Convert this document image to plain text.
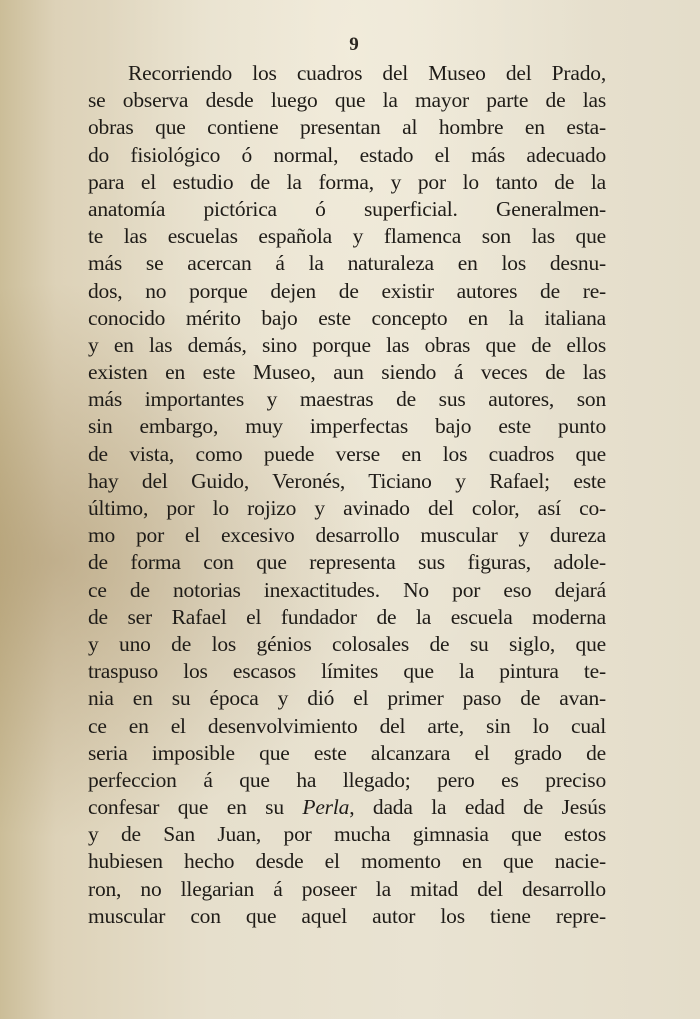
9
Recorriendo los cuadros del Museo del Prado,
se observa desde luego que la mayor parte de las
obras que contiene presentan al hombre en esta-
do fisiológico ó normal, estado el más adecuado
para el estudio de la forma, y por lo tanto de la
anatomía pictórica ó superficial. Generalmen-
te las escuelas española y flamenca son las que
más se acercan á la naturaleza en los desnu-
dos, no porque dejen de existir autores de re-
conocido mérito bajo este concepto en la italiana
y en las demás, sino porque las obras que de ellos
existen en este Museo, aun siendo á veces de las
más importantes y maestras de sus autores, son
sin embargo, muy imperfectas bajo este punto
de vista, como puede verse en los cuadros que
hay del Guido, Veronés, Ticiano y Rafael; este
último, por lo rojizo y avinado del color, así co-
mo por el excesivo desarrollo muscular y dureza
de forma con que representa sus figuras, adole-
ce de notorias inexactitudes. No por eso dejará
de ser Rafael el fundador de la escuela moderna
y uno de los génios colosales de su siglo, que
traspuso los escasos límites que la pintura te-
nia en su época y dió el primer paso de avan-
ce en el desenvolvimiento del arte, sin lo cual
seria imposible que este alcanzara el grado de
perfeccion á que ha llegado; pero es preciso
confesar que en su Perla, dada la edad de Jesús
y de San Juan, por mucha gimnasia que estos
hubiesen hecho desde el momento en que nacie-
ron, no llegarian á poseer la mitad del desarrollo
muscular con que aquel autor los tiene repre-
